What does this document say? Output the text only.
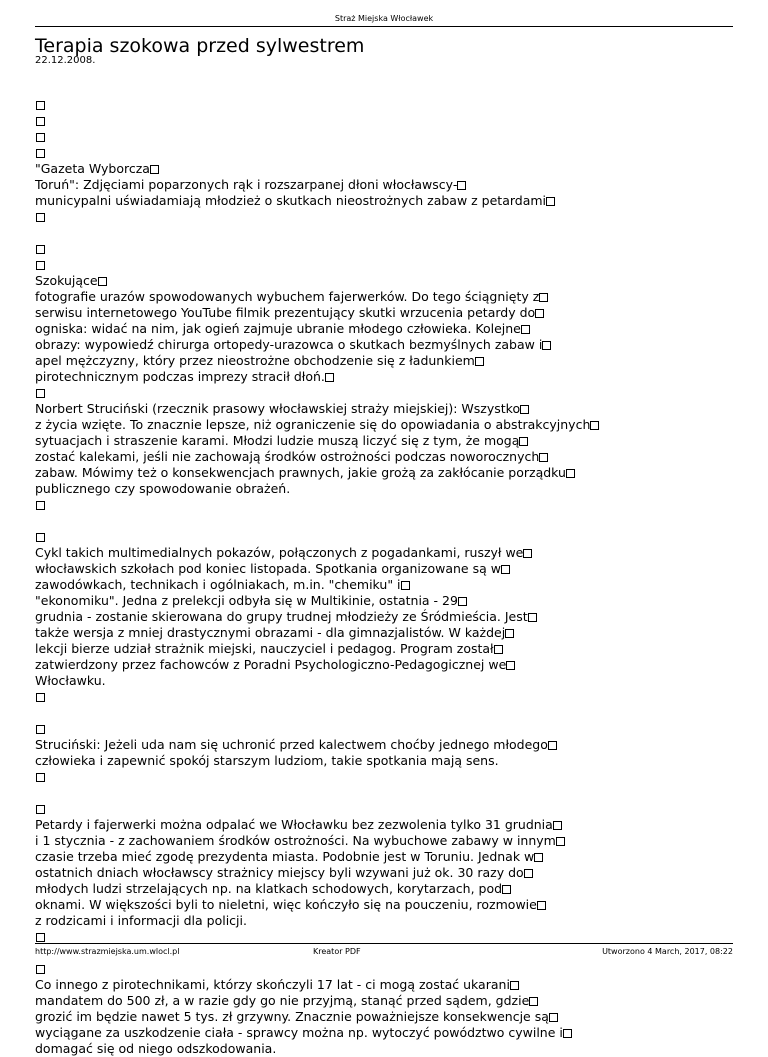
Straż Miejska Włocławek
Terapia szokowa przed sylwestrem
22.12.2008.
"Gazeta Wyborcza
Toruń": Zdjęciami poparzonych rąk i rozszarpanej dłoni włocławscy-
municypalni uświadamiają młodzież o skutkach nieostrożnych zabaw z petardami
Szokujące
fotografie urazów spowodowanych wybuchem fajerwerków. Do tego ściągnięty z
serwisu internetowego YouTube filmik prezentujący skutki wrzucenia petardy do
ogniska: widać na nim, jak ogień zajmuje ubranie młodego człowieka. Kolejne
obrazy: wypowiedź chirurga ortopedy-urazowca o skutkach bezmyślnych zabaw i
apel mężczyzny, który przez nieostrożne obchodzenie się z ładunkiem
pirotechnicznym podczas imprezy stracił dłoń.
Norbert Struciński (rzecznik prasowy włocławskiej straży miejskiej): Wszystko
z życia wzięte. To znacznie lepsze, niż ograniczenie się do opowiadania o abstrakcyjnych
sytuacjach i straszenie karami. Młodzi ludzie muszą liczyć się z tym, że mogą
zostać kalekami, jeśli nie zachowają środków ostrożności podczas noworocznych
zabaw. Mówimy też o konsekwencjach prawnych, jakie grożą za zakłócanie porządku
publicznego czy spowodowanie obrażeń.
Cykl takich multimedialnych pokazów, połączonych z pogadankami, ruszył we
włocławskich szkołach pod koniec listopada. Spotkania organizowane są w
zawodówkach, technikach i ogólniakach, m.in. "chemiku" i
"ekonomiku". Jedna z prelekcji odbyła się w Multikinie, ostatnia - 29
grudnia - zostanie skierowana do grupy trudnej młodzieży ze Śródmieścia. Jest
także wersja z mniej drastycznymi obrazami - dla gimnazjalistów. W każdej
lekcji bierze udział strażnik miejski, nauczyciel i pedagog. Program został
zatwierdzony przez fachowców z Poradni Psychologiczno-Pedagogicznej we
Włocławku.
Struciński: Jeżeli uda nam się uchronić przed kalectwem choćby jednego młodego
człowieka i zapewnić spokój starszym ludziom, takie spotkania mają sens.
Petardy i fajerwerki można odpalać we Włocławku bez zezwolenia tylko 31 grudnia
i 1 stycznia - z zachowaniem środków ostrożności. Na wybuchowe zabawy w innym
czasie trzeba mieć zgodę prezydenta miasta. Podobnie jest w Toruniu. Jednak w
ostatnich dniach włocławscy strażnicy miejscy byli wzywani już ok. 30 razy do
młodych ludzi strzelających np. na klatkach schodowych, korytarzach, pod
oknami. W większości byli to nieletni, więc kończyło się na pouczeniu, rozmowie
z rodzicami i informacji dla policji.
Co innego z pirotechnikami, którzy skończyli 17 lat - ci mogą zostać ukarani
mandatem do 500 zł, a w razie gdy go nie przyjmą, stanąć przed sądem, gdzie
grozić im będzie nawet 5 tys. zł grzywny. Znacznie poważniejsze konsekwencje są
wyciągane za uszkodzenie ciała - sprawcy można np. wytoczyć powództwo cywilne i
domagać się od niego odszkodowania.
http://www.strazmiejska.um.wlocl.pl	Kreator PDF	Utworzono 4 March, 2017, 08:22
